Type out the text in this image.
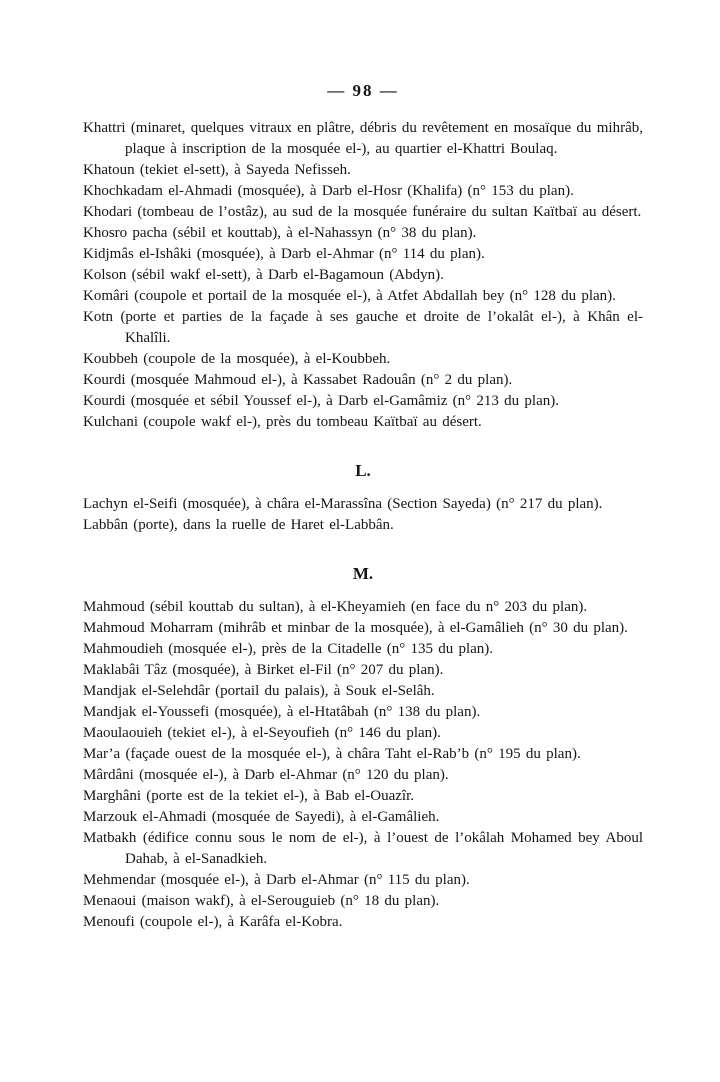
— 98 —

Khattri (minaret, quelques vitraux en plâtre, débris du revêtement en mosaïque du mihrâb, plaque à inscription de la mosquée el-), au quartier el-Khattri Boulaq.

Khatoun (tekiet el-sett), à Sayeda Nefisseh.

Khochkadam el-Ahmadi (mosquée), à Darb el-Hosr (Khalifa) (n° 153 du plan).

Khodari (tombeau de l’ostâz), au sud de la mosquée funéraire du sultan Kaïtbaï au désert.

Khosro pacha (sébil et kouttab), à el-Nahassyn (n° 38 du plan).

Kidjmâs el-Ishâki (mosquée), à Darb el-Ahmar (n° 114 du plan).

Kolson (sébil wakf el-sett), à Darb el-Bagamoun (Abdyn).

Komâri (coupole et portail de la mosquée el-), à Atfet Abdallah bey (n° 128 du plan).

Kotn (porte et parties de la façade à ses gauche et droite de l’okalât el-), à Khân el-Khalîli.

Koubbeh (coupole de la mosquée), à el-Koubbeh.

Kourdi (mosquée Mahmoud el-), à Kassabet Radouân (n° 2 du plan).

Kourdi (mosquée et sébil Youssef el-), à Darb el-Gamâmiz (n° 213 du plan).

Kulchani (coupole wakf el-), près du tombeau Kaïtbaï au désert.

L.

Lachyn el-Seifi (mosquée), à châra el-Marassîna (Section Sayeda) (n° 217 du plan).

Labbân (porte), dans la ruelle de Haret el-Labbân.

M.

Mahmoud (sébil kouttab du sultan), à el-Kheyamieh (en face du n° 203 du plan).

Mahmoud Moharram (mihrâb et minbar de la mosquée), à el-Gamâlieh (n° 30 du plan).

Mahmoudieh (mosquée el-), près de la Citadelle (n° 135 du plan).

Maklabâi Tâz (mosquée), à Birket el-Fil (n° 207 du plan).

Mandjak el-Selehdâr (portail du palais), à Souk el-Selâh.

Mandjak el-Youssefi (mosquée), à el-Htatâbah (n° 138 du plan).

Maoulaouieh (tekiet el-), à el-Seyoufieh (n° 146 du plan).

Mar’a (façade ouest de la mosquée el-), à châra Taht el-Rab’b (n° 195 du plan).

Mârdâni (mosquée el-), à Darb el-Ahmar (n° 120 du plan).

Marghâni (porte est de la tekiet el-), à Bab el-Ouazîr.

Marzouk el-Ahmadi (mosquée de Sayedi), à el-Gamâlieh.

Matbakh (édifice connu sous le nom de el-), à l’ouest de l’okâlah Mohamed bey Aboul Dahab, à el-Sanadkieh.

Mehmendar (mosquée el-), à Darb el-Ahmar (n° 115 du plan).

Menaoui (maison wakf), à el-Serouguieb (n° 18 du plan).

Menoufi (coupole el-), à Karâfa el-Kobra.
